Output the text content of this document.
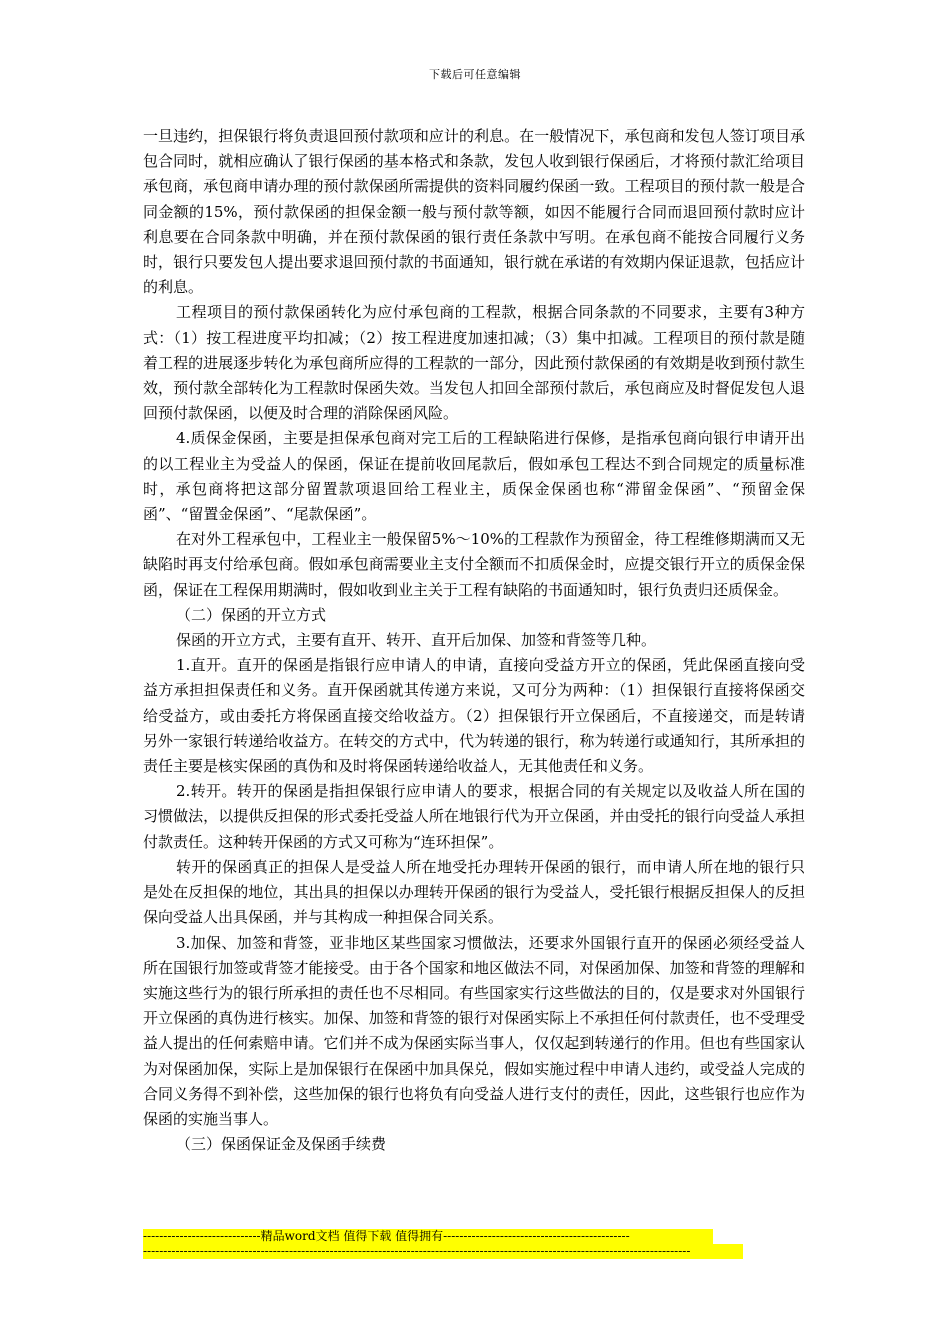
下载后可任意编辑

一旦违约，担保银行将负责退回预付款项和应计的利息。在一般情况下，承包商和发包人签订项目承包合同时，就相应确认了银行保函的基本格式和条款，发包人收到银行保函后，才将预付款汇给项目承包商，承包商申请办理的预付款保函所需提供的资料同履约保函一致。工程项目的预付款一般是合同金额的15%，预付款保函的担保金额一般与预付款等额，如因不能履行合同而退回预付款时应计利息要在合同条款中明确，并在预付款保函的银行责任条款中写明。在承包商不能按合同履行义务时，银行只要发包人提出要求退回预付款的书面通知，银行就在承诺的有效期内保证退款，包括应计的利息。

工程项目的预付款保函转化为应付承包商的工程款，根据合同条款的不同要求，主要有3种方式：（1）按工程进度平均扣减；（2）按工程进度加速扣减；（3）集中扣减。工程项目的预付款是随着工程的进展逐步转化为承包商所应得的工程款的一部分，因此预付款保函的有效期是收到预付款生效，预付款全部转化为工程款时保函失效。当发包人扣回全部预付款后，承包商应及时督促发包人退回预付款保函，以便及时合理的消除保函风险。

4.质保金保函，主要是担保承包商对完工后的工程缺陷进行保修，是指承包商向银行申请开出的以工程业主为受益人的保函，保证在提前收回尾款后，假如承包工程达不到合同规定的质量标准时，承包商将把这部分留置款项退回给工程业主，质保金保函也称“滞留金保函”、“预留金保函”、“留置金保函”、“尾款保函”。

在对外工程承包中，工程业主一般保留5%～10%的工程款作为预留金，待工程维修期满而又无缺陷时再支付给承包商。假如承包商需要业主支付全额而不扣质保金时，应提交银行开立的质保金保函，保证在工程保用期满时，假如收到业主关于工程有缺陷的书面通知时，银行负责归还质保金。

（二）保函的开立方式

保函的开立方式，主要有直开、转开、直开后加保、加签和背签等几种。

1.直开。直开的保函是指银行应申请人的申请，直接向受益方开立的保函，凭此保函直接向受益方承担担保责任和义务。直开保函就其传递方来说，又可分为两种：（1）担保银行直接将保函交给受益方，或由委托方将保函直接交给收益方。（2）担保银行开立保函后，不直接递交，而是转请另外一家银行转递给收益方。在转交的方式中，代为转递的银行，称为转递行或通知行，其所承担的责任主要是核实保函的真伪和及时将保函转递给收益人，无其他责任和义务。

2.转开。转开的保函是指担保银行应申请人的要求，根据合同的有关规定以及收益人所在国的习惯做法，以提供反担保的形式委托受益人所在地银行代为开立保函，并由受托的银行向受益人承担付款责任。这种转开保函的方式又可称为“连环担保”。

转开的保函真正的担保人是受益人所在地受托办理转开保函的银行，而申请人所在地的银行只是处在反担保的地位，其出具的担保以办理转开保函的银行为受益人，受托银行根据反担保人的反担保向受益人出具保函，并与其构成一种担保合同关系。

3.加保、加签和背签，亚非地区某些国家习惯做法，还要求外国银行直开的保函必须经受益人所在国银行加签或背签才能接受。由于各个国家和地区做法不同，对保函加保、加签和背签的理解和实施这些行为的银行所承担的责任也不尽相同。有些国家实行这些做法的目的，仅是要求对外国银行开立保函的真伪进行核实。加保、加签和背签的银行对保函实际上不承担任何付款责任，也不受理受益人提出的任何索赔申请。它们并不成为保函实际当事人，仅仅起到转递行的作用。但也有些国家认为对保函加保，实际上是加保银行在保函中加具保兑，假如实施过程中申请人违约，或受益人完成的合同义务得不到补偿，这些加保的银行也将负有向受益人进行支付的责任，因此，这些银行也应作为保函的实施当事人。

（三）保函保证金及保函手续费

-----------------------------精品word文档 值得下载 值得拥有----------------------------------------------
---------------------------------------------------------------------------------------------------------------------------------------
